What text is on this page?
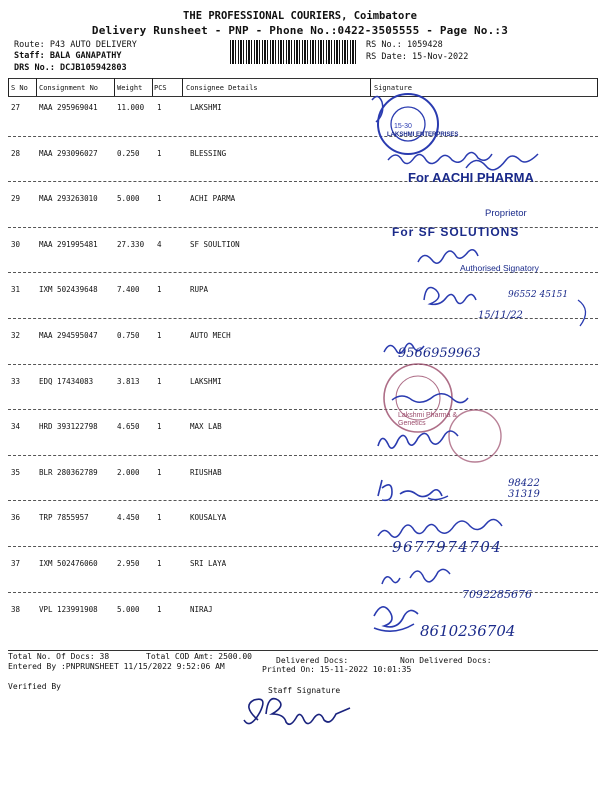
THE PROFESSIONAL COURIERS, Coimbatore
Delivery Runsheet - PNP - Phone No.:0422-3505555 - Page No.:3
Route: P43 AUTO DELIVERY
Staff: BALA GANAPATHY
DRS No.: DCJB105942803
RS No.: 1059428
RS Date: 15-Nov-2022
S No Consignment No	Weight PCS	Consignee Details	Signature
27	MAA 295969041	11.000 1	LAKSHMI
28	MAA 293096027	0.250 1	BLESSING
29	MAA 293263010	5.000 1	ACHI PARMA
30	MAA 291995481	27.330 4	SF SOULTION
31	IXM 502439648	7.400 1	RUPA
32	MAA 294595047	0.750 1	AUTO MECH
33	EDQ 17434083	3.813 1	LAKSHMI
34	HRD 393122798	4.650 1	MAX LAB
35	BLR 280362789	2.000 1	RIUSHAB
36	TRP 7855957	4.450 1	KOUSALYA
37	IXM 502476060	2.950 1	SRI LAYA
38	VPL 123991908	5.000 1	NIRAJ
15-30
LAKSHMI ENTERPRISES
For AACHI PHARMA
Proprietor
For SF SOLUTIONS
Authorised Signatory
96552 45151
15/11/22
9566959963
Lakshmi Pharma & Genetics
98422 31319
9677974704
7092285676
8610236704
Total No. Of Docs: 38	Total COD Amt: 2500.00	Delivered Docs:	Non Delivered Docs:
Entered By :PNPRUNSHEET 11/15/2022 9:52:06 AM	Printed On: 15-11-2022 10:01:35
Verified By	Staff Signature
